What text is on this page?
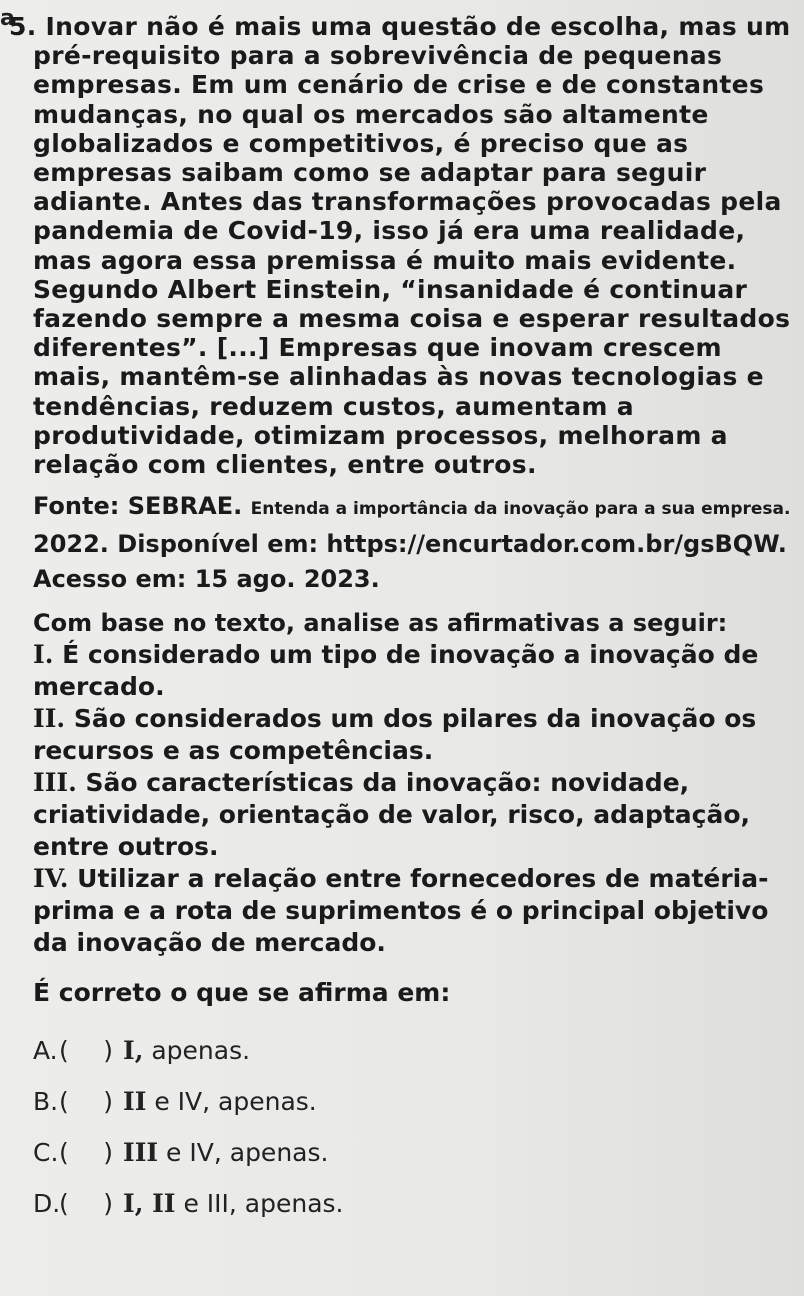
a

5. Inovar não é mais uma questão de escolha, mas um pré-requisito para a sobrevivência de pequenas empresas. Em um cenário de crise e de constantes mudanças, no qual os mercados são altamente globalizados e competitivos, é preciso que as empresas saibam como se adaptar para seguir adiante. Antes das transformações provocadas pela pandemia de Covid-19, isso já era uma realidade, mas agora essa premissa é muito mais evidente. Segundo Albert Einstein, “insanidade é continuar fazendo sempre a mesma coisa e esperar resultados diferentes”. [...] Empresas que inovam crescem mais, mantêm-se alinhadas às novas tecnologias e tendências, reduzem custos, aumentam a produtividade, otimizam processos, melhoram a relação com clientes, entre outros.

Fonte: SEBRAE. Entenda a importância da inovação para a sua empresa. 2022. Disponível em: https://encurtador.com.br/gsBQW. Acesso em: 15 ago. 2023.

Com base no texto, analise as afirmativas a seguir:

I. É considerado um tipo de inovação a inovação de mercado.

II. São considerados um dos pilares da inovação os recursos e as competências.

III. São características da inovação: novidade, criatividade, orientação de valor, risco, adaptação, entre outros.

IV. Utilizar a relação entre fornecedores de matéria-prima e a rota de suprimentos é o principal objetivo da inovação de mercado.

É correto o que se afirma em:

A. ( ) I,
apenas.
B. ( ) II
e IV, apenas.
C. ( ) III
e IV, apenas.
D.
( ) I, II
e III, apenas.
